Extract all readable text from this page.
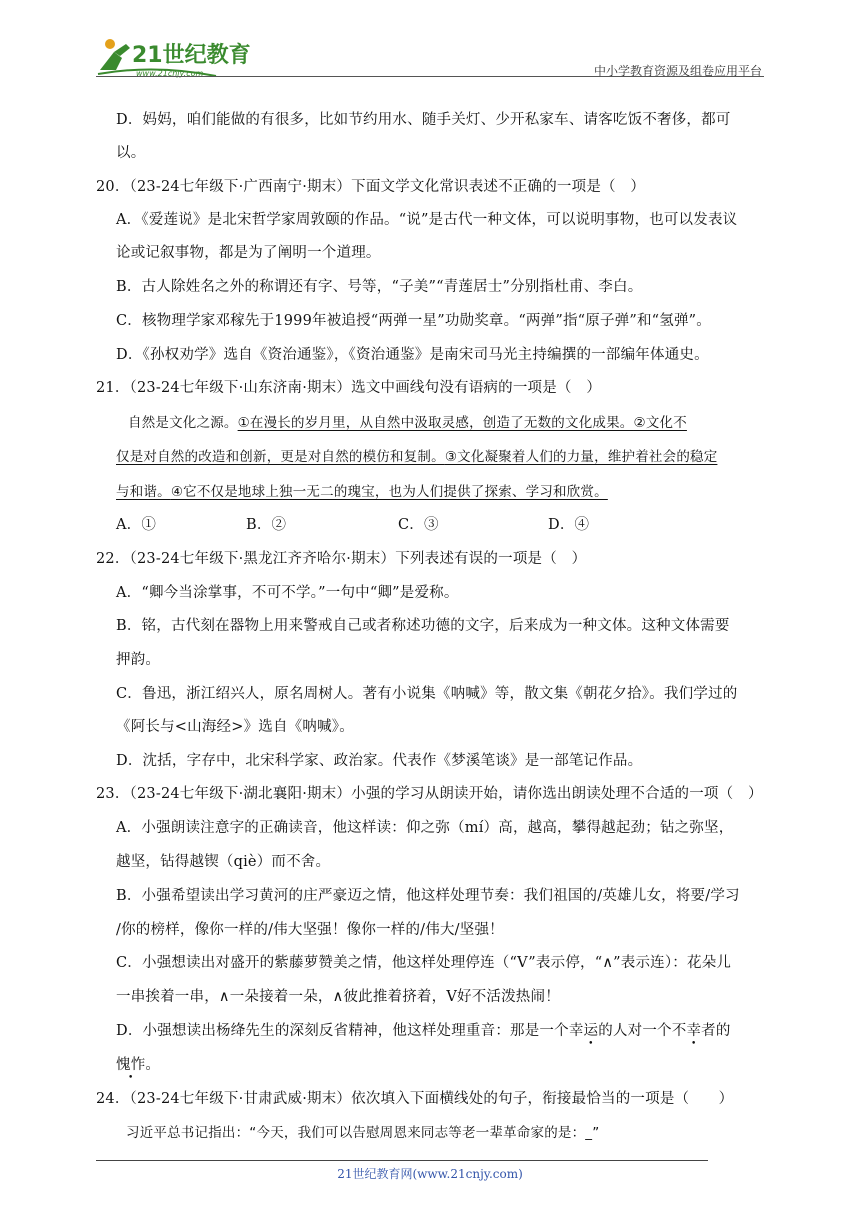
21世纪教育
www.21cnjy.com	中小学教育资源及组卷应用平台
D．妈妈，咱们能做的有很多，比如节约用水、随手关灯、少开私家车、请客吃饭不奢侈，都可
以。
20．（23-24七年级下·广西南宁·期末）下面文学文化常识表述不正确的一项是（　）
A．《爱莲说》是北宋哲学家周敦颐的作品。“说”是古代一种文体，可以说明事物，也可以发表议
论或记叙事物，都是为了阐明一个道理。
B．古人除姓名之外的称谓还有字、号等，“子美”“青莲居士”分别指杜甫、李白。
C．核物理学家邓稼先于1999年被追授“两弹一星”功勋奖章。“两弹”指“原子弹”和“氢弹”。
D．《孙权劝学》选自《资治通鉴》，《资治通鉴》是南宋司马光主持编撰的一部编年体通史。
21．（23-24七年级下·山东济南·期末）选文中画线句没有语病的一项是（　）
自然是文化之源。①在漫长的岁月里，从自然中汲取灵感，创造了无数的文化成果。②文化不
仅是对自然的改造和创新，更是对自然的模仿和复制。③文化凝聚着人们的力量，维护着社会的稳定
与和谐。④它不仅是地球上独一无二的瑰宝，也为人们提供了探索、学习和欣赏。
A．①	B．②	C．③	D．④
22．（23-24七年级下·黑龙江齐齐哈尔·期末）下列表述有误的一项是（　）
A．“卿今当涂掌事，不可不学。”一句中“卿”是爱称。
B．铭，古代刻在器物上用来警戒自己或者称述功德的文字，后来成为一种文体。这种文体需要
押韵。
C．鲁迅，浙江绍兴人，原名周树人。著有小说集《呐喊》等，散文集《朝花夕拾》。我们学过的
《阿长与<山海经>》选自《呐喊》。
D．沈括，字存中，北宋科学家、政治家。代表作《梦溪笔谈》是一部笔记作品。
23．（23-24七年级下·湖北襄阳·期末）小强的学习从朗读开始，请你选出朗读处理不合适的一项（　）
A．小强朗读注意字的正确读音，他这样读：仰之弥（mí）高，越高，攀得越起劲；钻之弥坚，
越坚，钻得越锲（qiè）而不舍。
B．小强希望读出学习黄河的庄严豪迈之情，他这样处理节奏：我们祖国的/英雄儿女，将要/学习
/你的榜样，像你一样的/伟大坚强！像你一样的/伟大/坚强！
C．小强想读出对盛开的紫藤萝赞美之情，他这样处理停连（“V”表示停，“∧”表示连）：花朵儿
一串挨着一串，∧一朵接着一朵，∧彼此推着挤着，V好不活泼热闹！
D．小强想读出杨绛先生的深刻反省精神，他这样处理重音：那是一个幸运的人对一个不幸者的
愧怍。
24．（23-24七年级下·甘肃武威·期末）依次填入下面横线处的句子，衔接最恰当的一项是（　　）
习近平总书记指出：“今天，我们可以告慰周恩来同志等老一辈革命家的是：_”
21世纪教育网(www.21cnjy.com)
